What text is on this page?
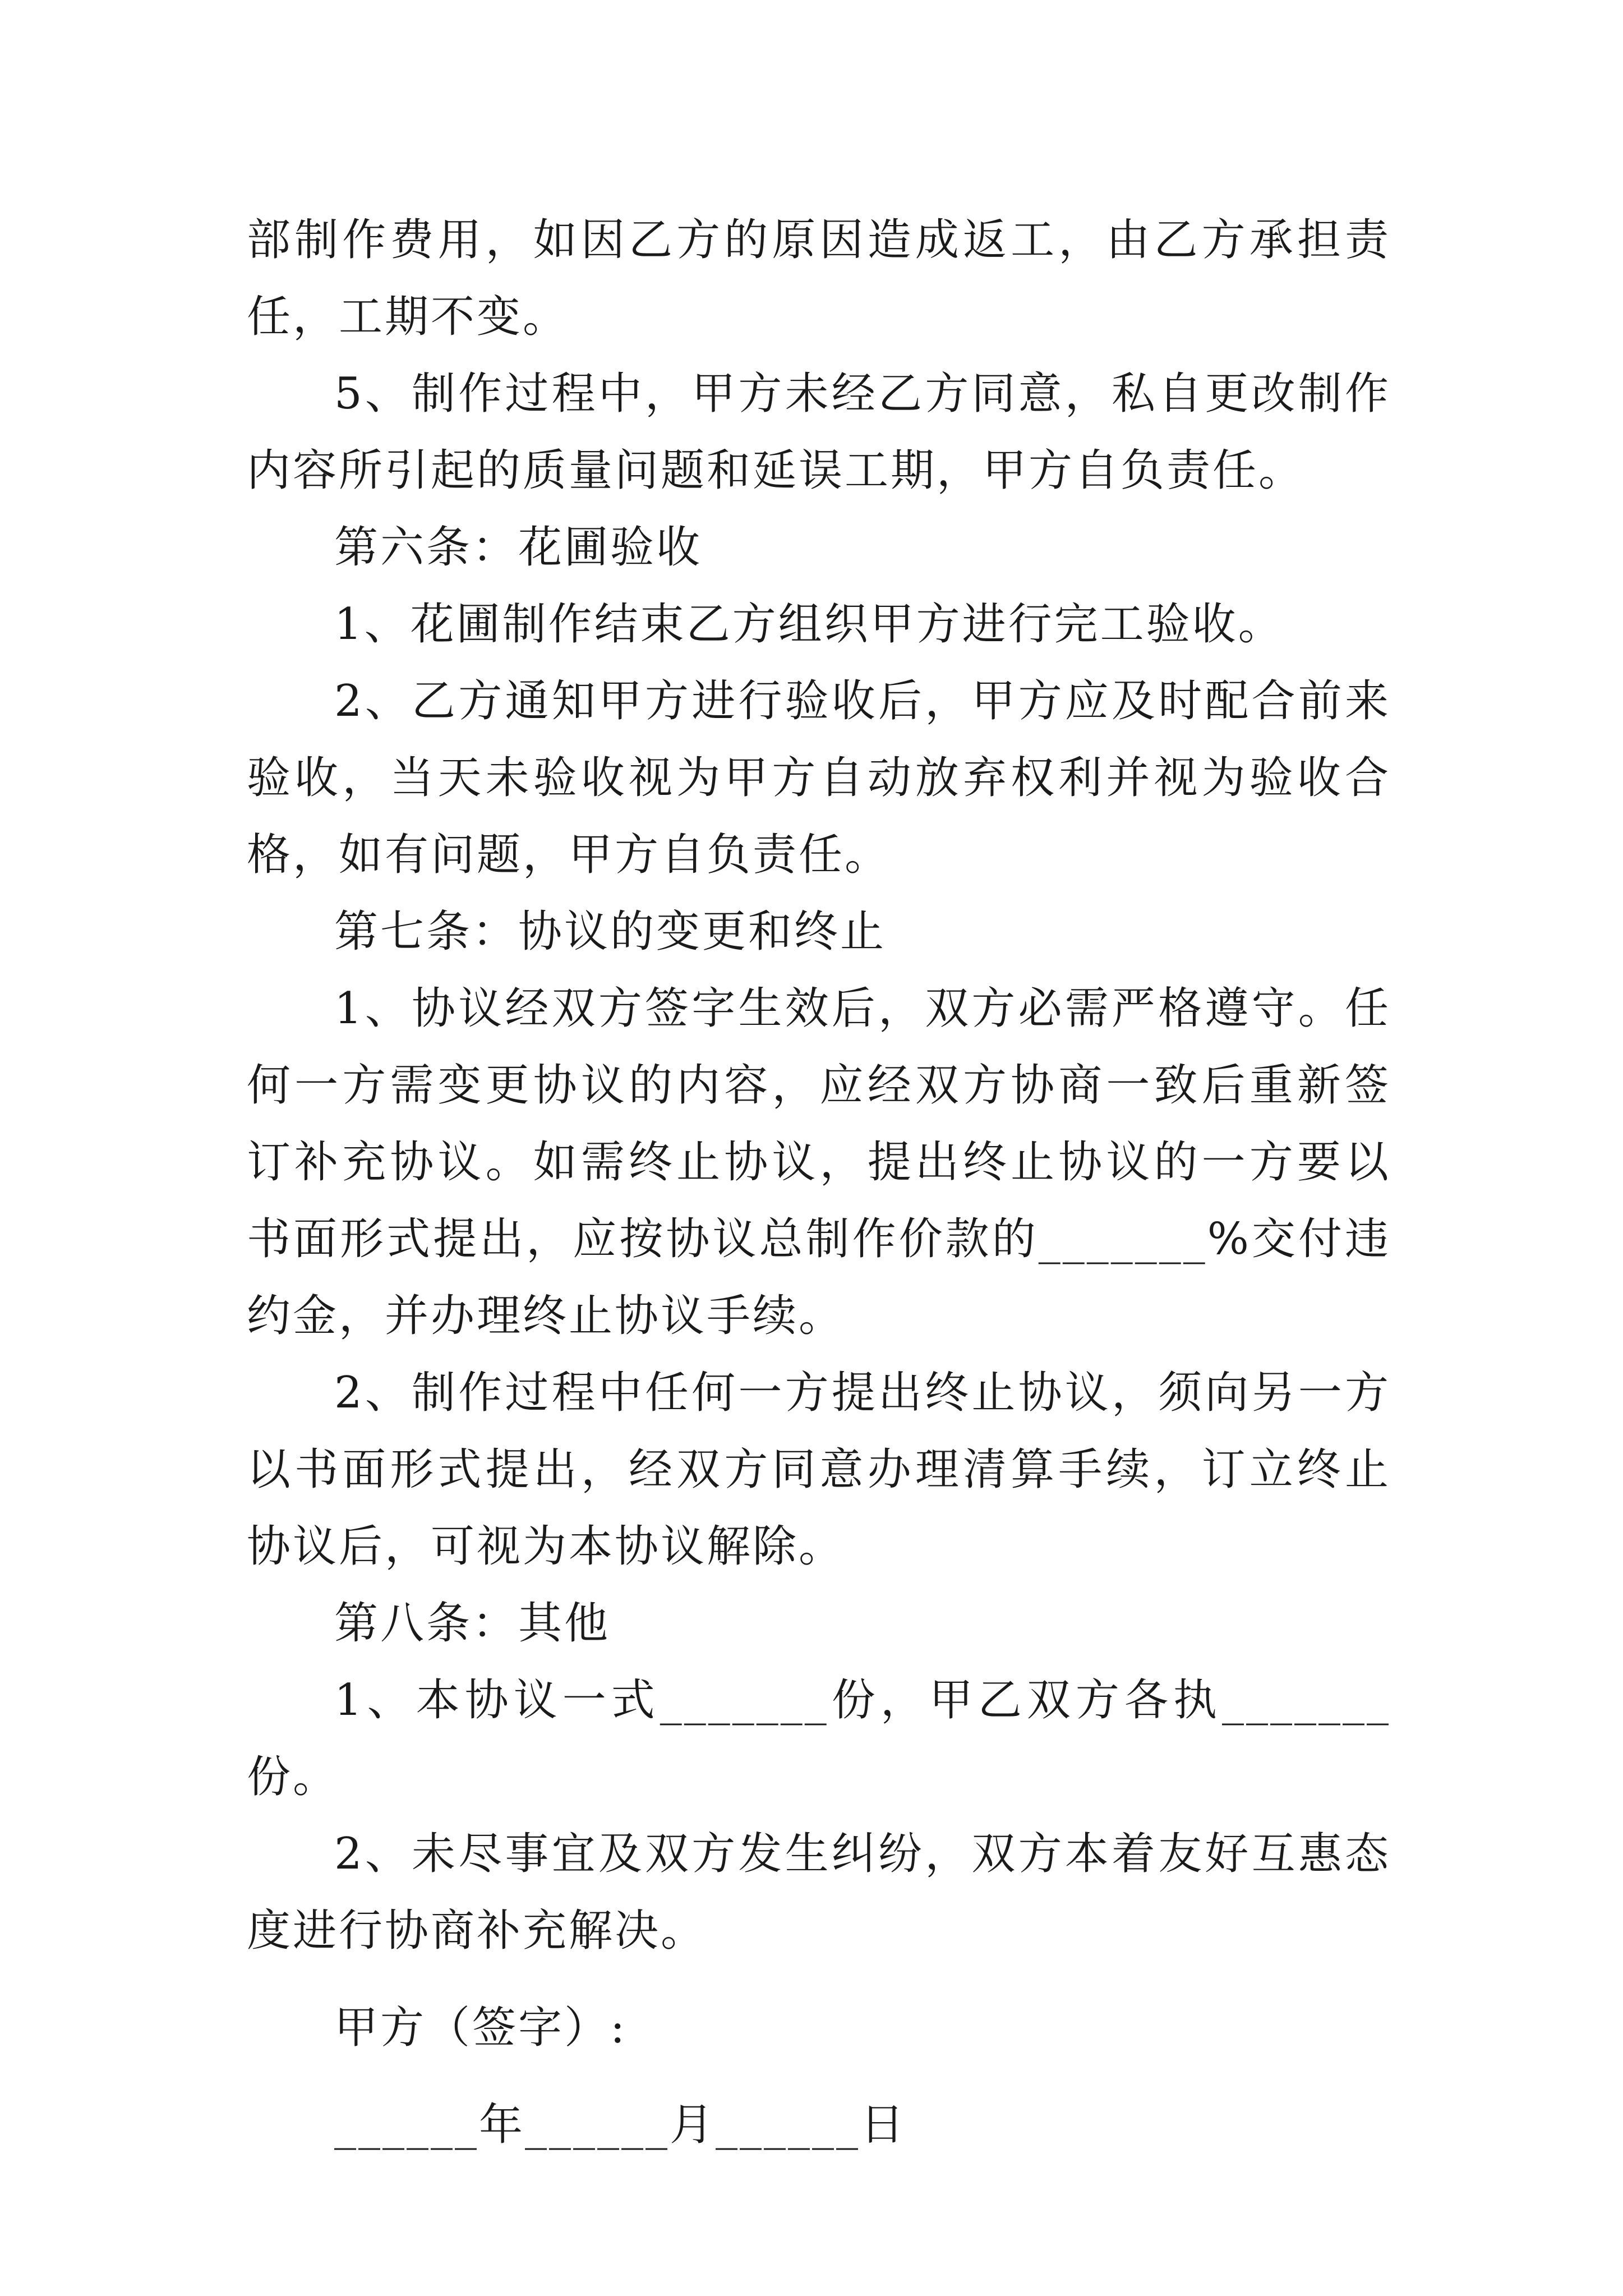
部制作费用，如因乙方的原因造成返工，由乙方承担责任，工期不变。

5、制作过程中，甲方未经乙方同意，私自更改制作内容所引起的质量问题和延误工期，甲方自负责任。

第六条：花圃验收

1、花圃制作结束乙方组织甲方进行完工验收。

2、乙方通知甲方进行验收后，甲方应及时配合前来验收，当天未验收视为甲方自动放弃权利并视为验收合格，如有问题，甲方自负责任。

第七条：协议的变更和终止

1、协议经双方签字生效后，双方必需严格遵守。任何一方需变更协议的内容，应经双方协商一致后重新签订补充协议。如需终止协议，提出终止协议的一方要以书面形式提出，应按协议总制作价款的_______%交付违约金，并办理终止协议手续。

2、制作过程中任何一方提出终止协议，须向另一方以书面形式提出，经双方同意办理清算手续，订立终止协议后，可视为本协议解除。

第八条：其他

1、本协议一式_______份，甲乙双方各执_______份。

2、未尽事宜及双方发生纠纷，双方本着友好互惠态度进行协商补充解决。

甲方（签字）:

______年______月______日
